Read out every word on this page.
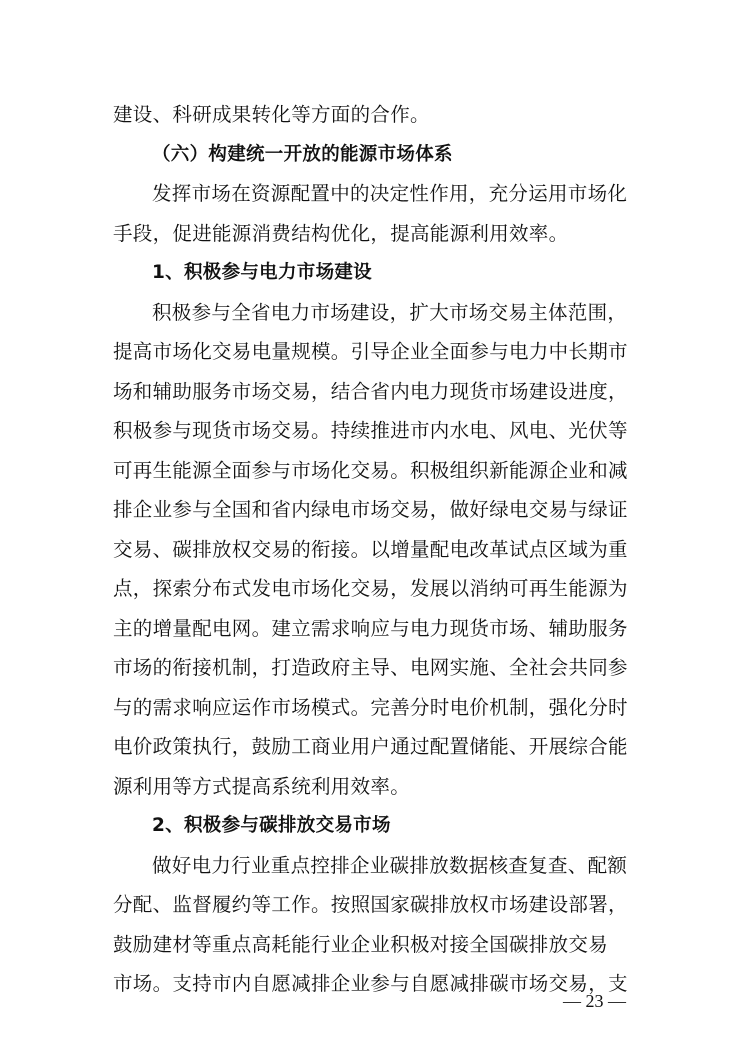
建设、科研成果转化等方面的合作。
（六）构建统一开放的能源市场体系
发挥市场在资源配置中的决定性作用，充分运用市场化
手段，促进能源消费结构优化，提高能源利用效率。
1、积极参与电力市场建设
积极参与全省电力市场建设，扩大市场交易主体范围，
提高市场化交易电量规模。引导企业全面参与电力中长期市
场和辅助服务市场交易，结合省内电力现货市场建设进度，
积极参与现货市场交易。持续推进市内水电、风电、光伏等
可再生能源全面参与市场化交易。积极组织新能源企业和减
排企业参与全国和省内绿电市场交易，做好绿电交易与绿证
交易、碳排放权交易的衔接。以增量配电改革试点区域为重
点，探索分布式发电市场化交易，发展以消纳可再生能源为
主的增量配电网。建立需求响应与电力现货市场、辅助服务
市场的衔接机制，打造政府主导、电网实施、全社会共同参
与的需求响应运作市场模式。完善分时电价机制，强化分时
电价政策执行，鼓励工商业用户通过配置储能、开展综合能
源利用等方式提高系统利用效率。
2、积极参与碳排放交易市场
做好电力行业重点控排企业碳排放数据核查复查、配额
分配、监督履约等工作。按照国家碳排放权市场建设部署，
鼓励建材等重点高耗能行业企业积极对接全国碳排放交易
市场。支持市内自愿减排企业参与自愿减排碳市场交易，支
— 23 —
